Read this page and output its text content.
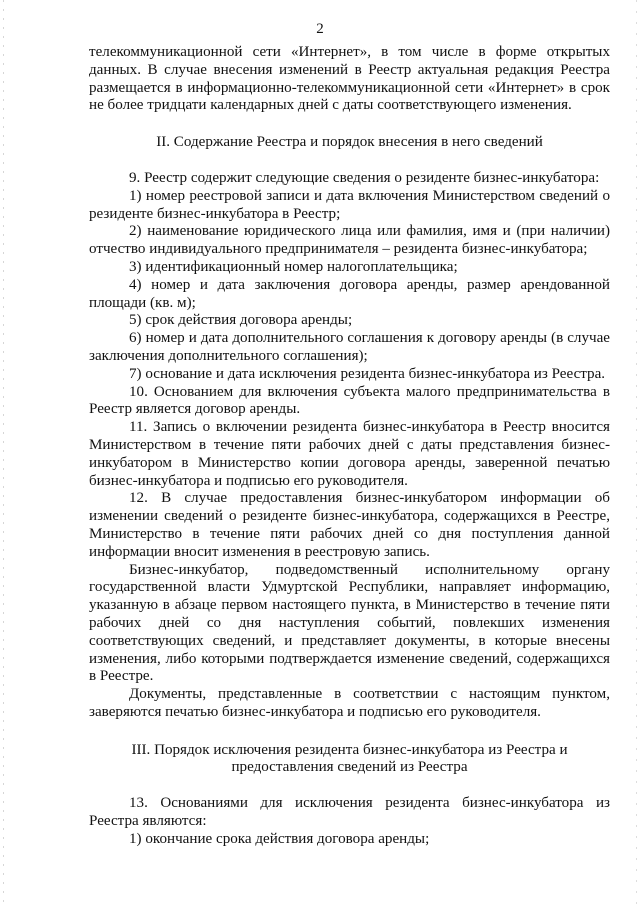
2

телекоммуникационной сети «Интернет», в том числе в форме открытых данных. В случае внесения изменений в Реестр актуальная редакция Реестра размещается в информационно-телекоммуникационной сети «Интернет» в срок не более тридцати календарных дней с даты соответствующего изменения.

II. Содержание Реестра и порядок внесения в него сведений

9. Реестр содержит следующие сведения о резиденте бизнес-инкубатора:

1) номер реестровой записи и дата включения Министерством сведений о резиденте бизнес-инкубатора в Реестр;

2) наименование юридического лица или фамилия, имя и (при наличии) отчество индивидуального предпринимателя – резидента бизнес-инкубатора;

3) идентификационный номер налогоплательщика;

4) номер и дата заключения договора аренды, размер арендованной площади (кв. м);

5) срок действия договора аренды;

6) номер и дата дополнительного соглашения к договору аренды (в случае заключения дополнительного соглашения);

7) основание и дата исключения резидента бизнес-инкубатора из Реестра.

10. Основанием для включения субъекта малого предпринимательства в Реестр является договор аренды.

11. Запись о включении резидента бизнес-инкубатора в Реестр вносится Министерством в течение пяти рабочих дней с даты представления бизнес-инкубатором в Министерство копии договора аренды, заверенной печатью бизнес-инкубатора и подписью его руководителя.

12. В случае предоставления бизнес-инкубатором информации об изменении сведений о резиденте бизнес-инкубатора, содержащихся в Реестре, Министерство в течение пяти рабочих дней со дня поступления данной информации вносит изменения в реестровую запись.

Бизнес-инкубатор, подведомственный исполнительному органу государственной власти Удмуртской Республики, направляет информацию, указанную в абзаце первом настоящего пункта, в Министерство в течение пяти рабочих дней со дня наступления событий, повлекших изменения соответствующих сведений, и представляет документы, в которые внесены изменения, либо которыми подтверждается изменение сведений, содержащихся в Реестре.

Документы, представленные в соответствии с настоящим пунктом, заверяются печатью бизнес-инкубатора и подписью его руководителя.

III. Порядок исключения резидента бизнес-инкубатора из Реестра и
предоставления сведений из Реестра

13. Основаниями для исключения резидента бизнес-инкубатора из Реестра являются:

1) окончание срока действия договора аренды;
